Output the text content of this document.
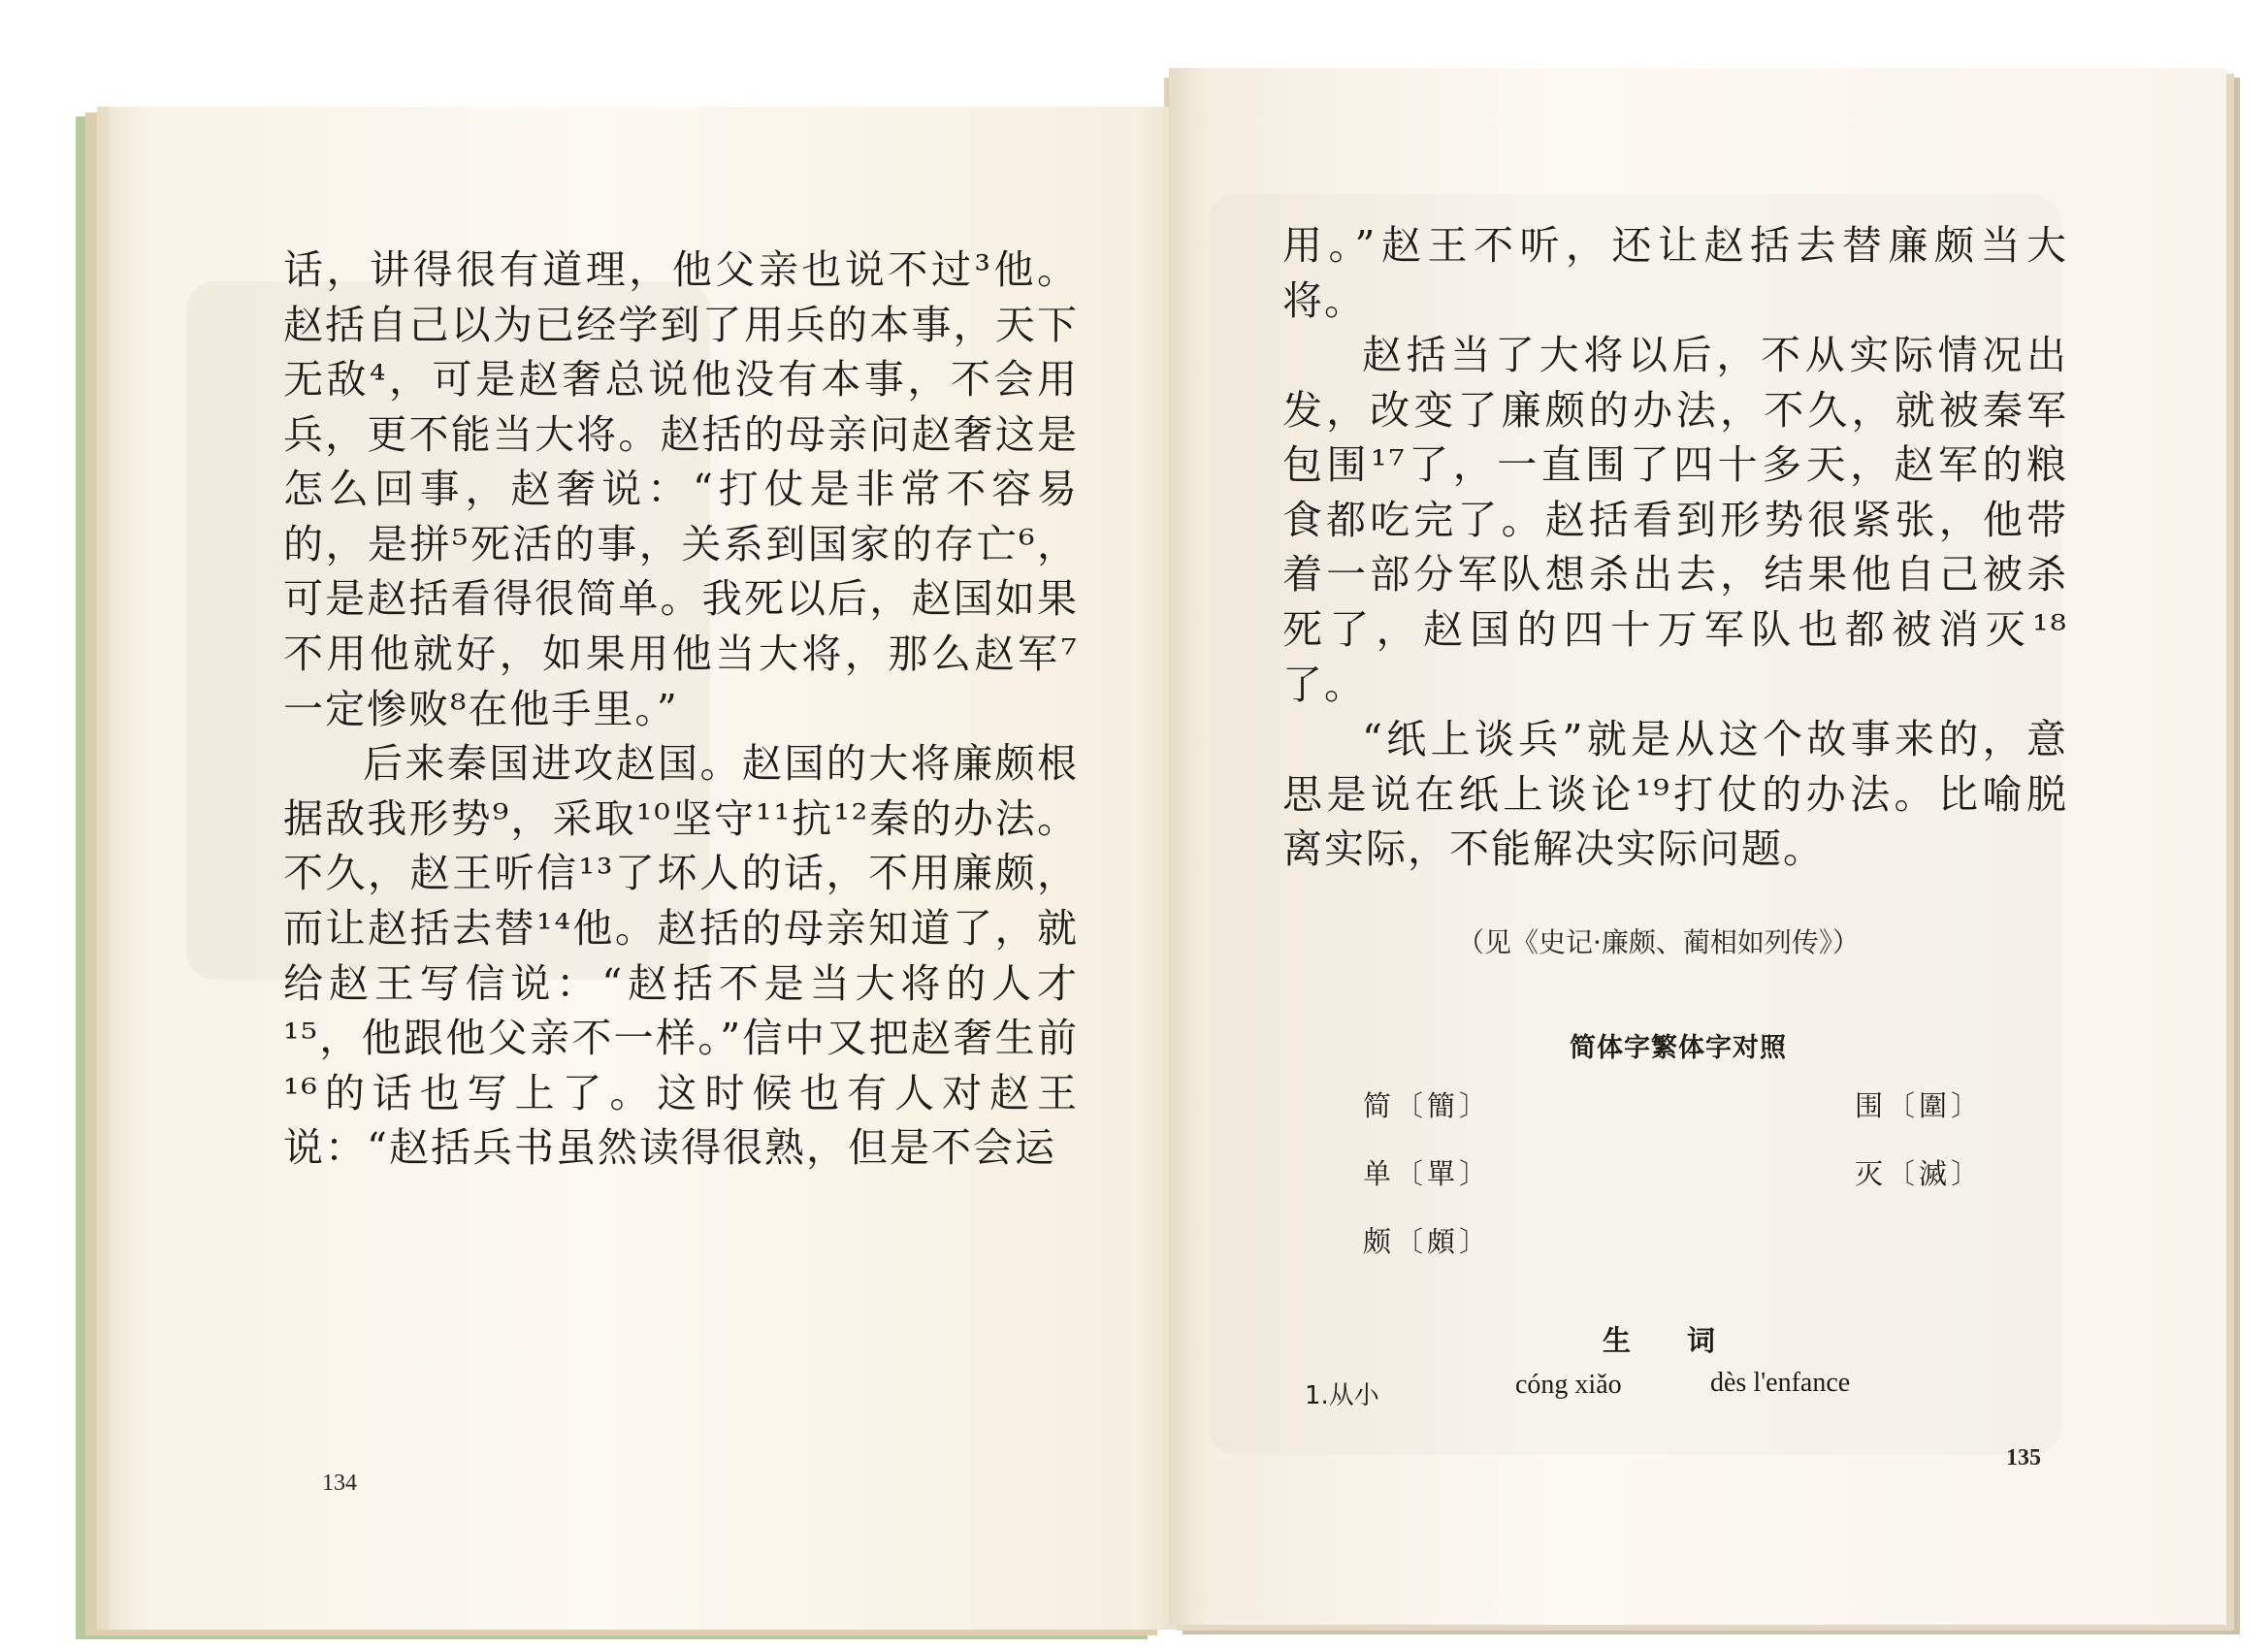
话，讲得很有道理，他父亲也说不过³他。赵括自己以为已经学到了用兵的本事，天下无敌⁴，可是赵奢总说他没有本事，不会用兵，更不能当大将。赵括的母亲问赵奢这是怎么回事，赵奢说：“打仗是非常不容易的，是拼⁵死活的事，关系到国家的存亡⁶，可是赵括看得很简单。我死以后，赵国如果不用他就好，如果用他当大将，那么赵军⁷一定惨败⁸在他手里。”

后来秦国进攻赵国。赵国的大将廉颇根据敌我形势⁹，采取¹⁰坚守¹¹抗¹²秦的办法。不久，赵王听信¹³了坏人的话，不用廉颇，而让赵括去替¹⁴他。赵括的母亲知道了，就给赵王写信说：“赵括不是当大将的人才¹⁵，他跟他父亲不一样。”信中又把赵奢生前¹⁶的话也写上了。这时候也有人对赵王说：“赵括兵书虽然读得很熟，但是不会运

134

用。”赵王不听，还让赵括去替廉颇当大将。

赵括当了大将以后，不从实际情况出发，改变了廉颇的办法，不久，就被秦军包围¹⁷了，一直围了四十多天，赵军的粮食都吃完了。赵括看到形势很紧张，他带着一部分军队想杀出去，结果他自己被杀死了，赵国的四十万军队也都被消灭¹⁸了。

“纸上谈兵”就是从这个故事来的，意思是说在纸上谈论¹⁹打仗的办法。比喻脱离实际，不能解决实际问题。

（见《史记·廉颇、蔺相如列传》）
简体字繁体字对照
简〔簡〕
单〔單〕
颇〔頗〕
围〔圍〕
灭〔滅〕
生　　词
1.从小	cóng xiǎo	dès l'enfance
135
